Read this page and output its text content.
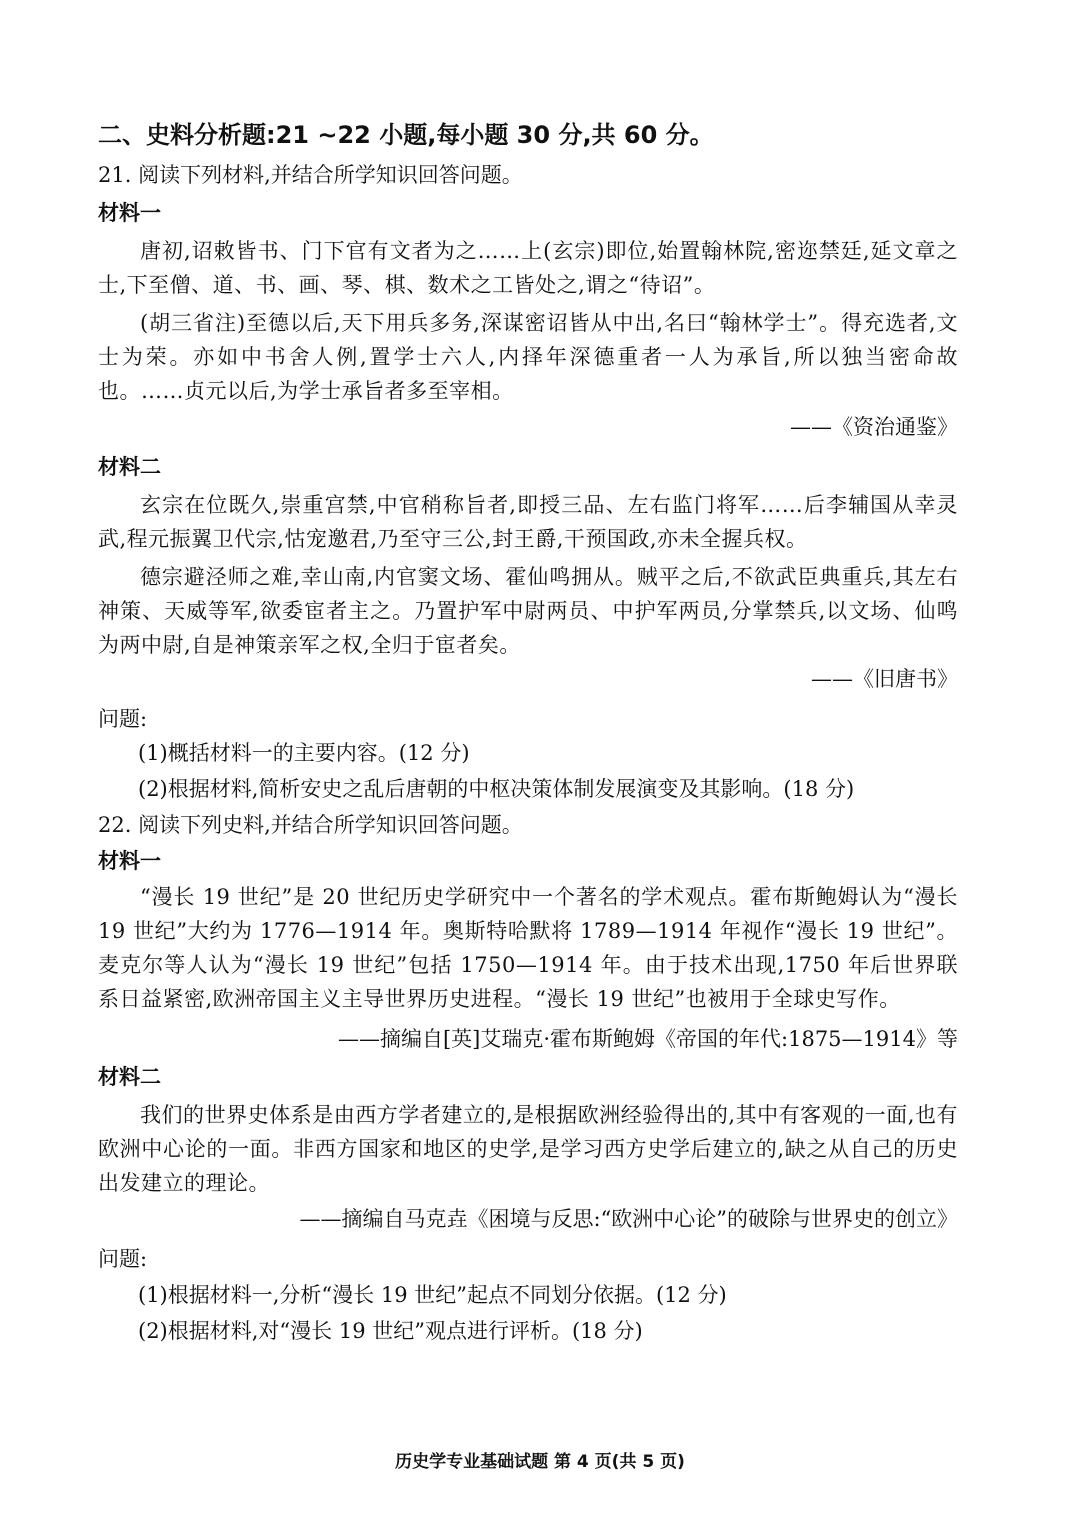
二、史料分析题:21 ~22 小题,每小题 30 分,共 60 分。
21. 阅读下列材料,并结合所学知识回答问题。
材料一
唐初,诏敕皆书、门下官有文者为之……上(玄宗)即位,始置翰林院,密迩禁廷,延文章之士,下至僧、道、书、画、琴、棋、数术之工皆处之,谓之“待诏”。
(胡三省注)至德以后,天下用兵多务,深谋密诏皆从中出,名曰“翰林学士”。得充选者,文士为荣。亦如中书舍人例,置学士六人,内择年深德重者一人为承旨,所以独当密命故也。……贞元以后,为学士承旨者多至宰相。
——《资治通鉴》
材料二
玄宗在位既久,崇重宫禁,中官稍称旨者,即授三品、左右监门将军……后李辅国从幸灵武,程元振翼卫代宗,怙宠邀君,乃至守三公,封王爵,干预国政,亦未全握兵权。
德宗避泾师之难,幸山南,内官窦文场、霍仙鸣拥从。贼平之后,不欲武臣典重兵,其左右神策、天威等军,欲委宦者主之。乃置护军中尉两员、中护军两员,分掌禁兵,以文场、仙鸣为两中尉,自是神策亲军之权,全归于宦者矣。
——《旧唐书》
问题:
(1)概括材料一的主要内容。(12 分)
(2)根据材料,简析安史之乱后唐朝的中枢决策体制发展演变及其影响。(18 分)
22. 阅读下列史料,并结合所学知识回答问题。
材料一
“漫长 19 世纪”是 20 世纪历史学研究中一个著名的学术观点。霍布斯鲍姆认为“漫长 19 世纪”大约为 1776—1914 年。奥斯特哈默将 1789—1914 年视作“漫长 19 世纪”。麦克尔等人认为“漫长 19 世纪”包括 1750—1914 年。由于技术出现,1750 年后世界联系日益紧密,欧洲帝国主义主导世界历史进程。“漫长 19 世纪”也被用于全球史写作。
——摘编自[英]艾瑞克·霍布斯鲍姆《帝国的年代:1875—1914》等
材料二
我们的世界史体系是由西方学者建立的,是根据欧洲经验得出的,其中有客观的一面,也有欧洲中心论的一面。非西方国家和地区的史学,是学习西方史学后建立的,缺之从自己的历史出发建立的理论。
——摘编自马克垚《困境与反思:“欧洲中心论”的破除与世界史的创立》
问题:
(1)根据材料一,分析“漫长 19 世纪”起点不同划分依据。(12 分)
(2)根据材料,对“漫长 19 世纪”观点进行评析。(18 分)
历史学专业基础试题 第 4 页(共 5 页)
